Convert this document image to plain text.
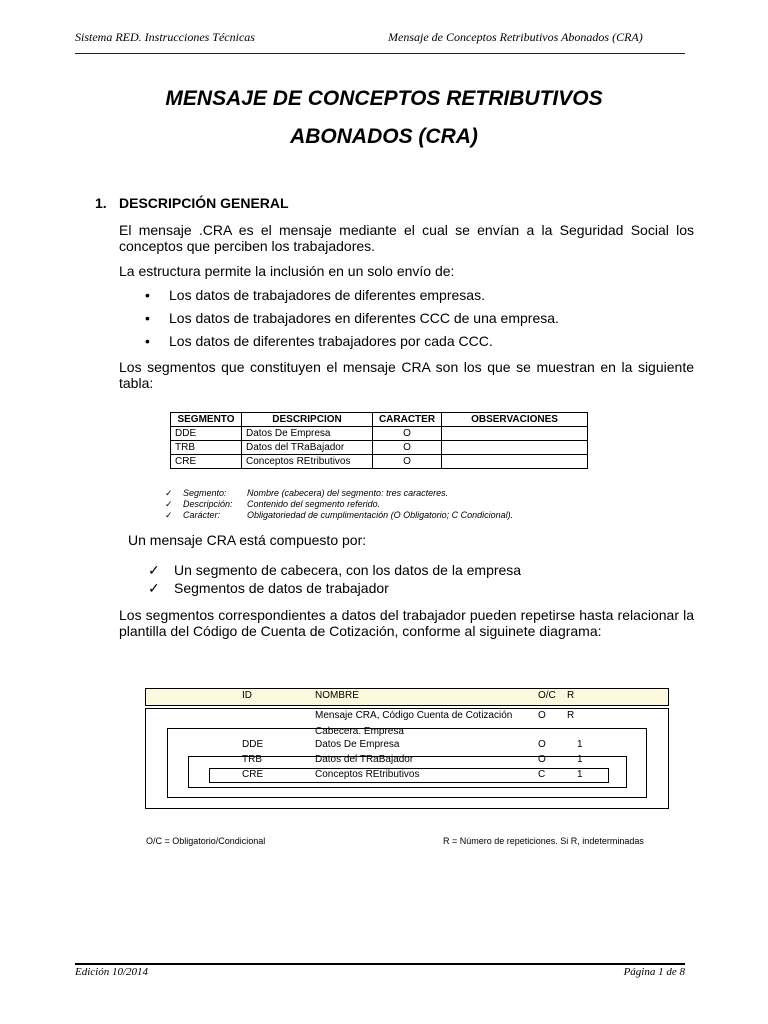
Sistema RED. Instrucciones Técnicas	Mensaje de Conceptos Retributivos Abonados (CRA)
MENSAJE DE CONCEPTOS RETRIBUTIVOS
ABONADOS (CRA)
1. DESCRIPCIÓN GENERAL
El mensaje .CRA es el mensaje mediante el cual se envían a la Seguridad Social los conceptos que perciben los trabajadores.
La estructura permite la inclusión en un solo envío de:
• Los datos de trabajadores de diferentes empresas.
• Los datos de trabajadores en diferentes CCC de una empresa.
• Los datos de diferentes trabajadores por cada CCC.
Los segmentos que constituyen el mensaje CRA son los que se muestran en la siguiente tabla:
SEGMENTO	DESCRIPCION	CARACTER	OBSERVACIONES
DDE	Datos De Empresa	O	
TRB	Datos del TRaBajador	O	
CRE	Conceptos REtributivos	O	
✓ Segmento: Nombre (cabecera) del segmento: tres caracteres.
✓ Descripción: Contenido del segmento referido.
✓ Carácter:	Obligatoriedad de cumplimentación (O Obligatorio; C Condicional).
Un mensaje CRA está compuesto por:
✓ Un segmento de cabecera, con los datos de la empresa
✓ Segmentos de datos de trabajador
Los segmentos correspondientes a datos del trabajador pueden repetirse hasta relacionar la plantilla del Código de Cuenta de Cotización, conforme al siguinete diagrama:
ID	NOMBRE	O/C R
Mensaje CRA, Código Cuenta de Cotización	O R
Cabecera. Empresa
DDE	Datos De Empresa	O	1
TRB	Datos del TRaBajador	O	1
CRE	Conceptos REtributivos	C	1
O/C = Obligatorio/Condicional	R = Número de repeticiones. Si R, indeterminadas
Edición 10/2014	Página 1 de 8
